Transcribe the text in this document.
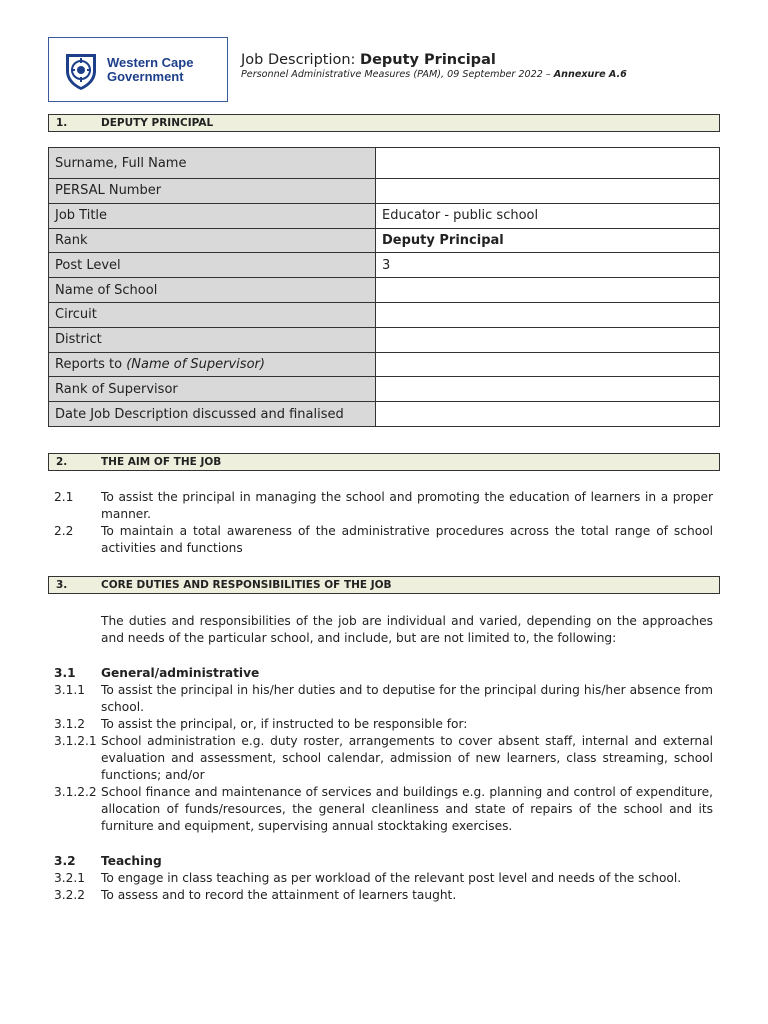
Western Cape
Government
Job Description: Deputy Principal
Personnel Administrative Measures (PAM), 09 September 2022 – Annexure A.6
1.	DEPUTY PRINCIPAL
Surname, Full Name	
PERSAL Number	
Job Title	Educator - public school
Rank	Deputy Principal
Post Level	3
Name of School	
Circuit	
District	
Reports to (Name of Supervisor)	
Rank of Supervisor	
Date Job Description discussed and finalised	
2.	THE AIM OF THE JOB
2.1 To assist the principal in managing the school and promoting the education of learners in a proper manner.
2.2 To maintain a total awareness of the administrative procedures across the total range of school activities and functions
3.	CORE DUTIES AND RESPONSIBILITIES OF THE JOB
The duties and responsibilities of the job are individual and varied, depending on the approaches and needs of the particular school, and include, but are not limited to, the following:
3.1 General/administrative
3.1.1 To assist the principal in his/her duties and to deputise for the principal during his/her absence from school.
3.1.2 To assist the principal, or, if instructed to be responsible for:
3.1.2.1 School administration e.g. duty roster, arrangements to cover absent staff, internal and external evaluation and assessment, school calendar, admission of new learners, class streaming, school functions; and/or
3.1.2.2 School finance and maintenance of services and buildings e.g. planning and control of expenditure, allocation of funds/resources, the general cleanliness and state of repairs of the school and its furniture and equipment, supervising annual stocktaking exercises.
3.2 Teaching
3.2.1 To engage in class teaching as per workload of the relevant post level and needs of the school.
3.2.2 To assess and to record the attainment of learners taught.
